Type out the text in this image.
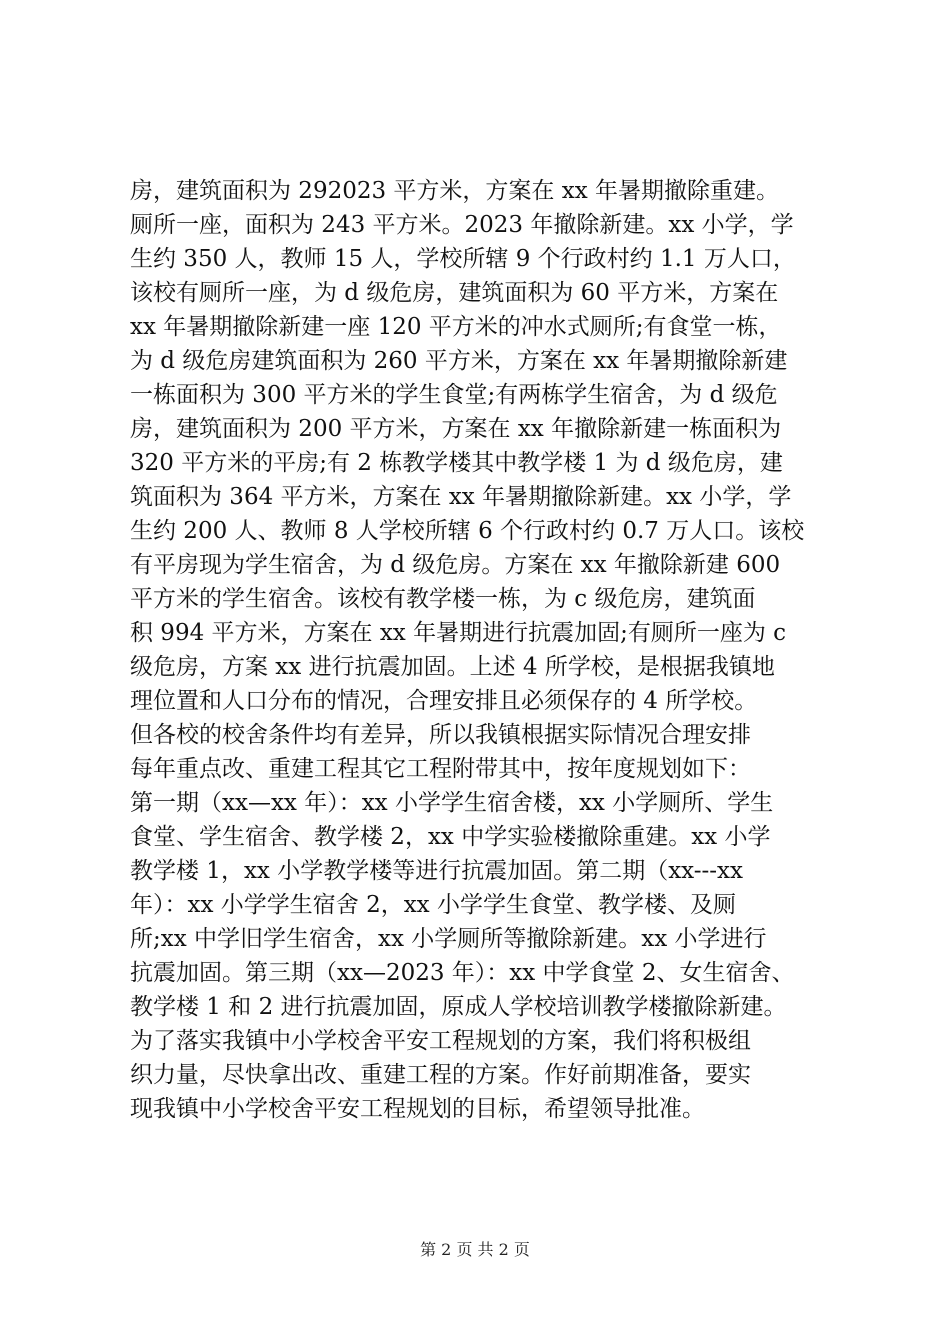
房，建筑面积为 292023 平方米，方案在 xx 年暑期撤除重建。
厕所一座，面积为 243 平方米。2023 年撤除新建。xx 小学，学
生约 350 人，教师 15 人，学校所辖 9 个行政村约 1.1 万人口，
该校有厕所一座，为 d 级危房，建筑面积为 60 平方米，方案在
xx 年暑期撤除新建一座 120 平方米的冲水式厕所;有食堂一栋，
为 d 级危房建筑面积为 260 平方米，方案在 xx 年暑期撤除新建
一栋面积为 300 平方米的学生食堂;有两栋学生宿舍，为 d 级危
房，建筑面积为 200 平方米，方案在 xx 年撤除新建一栋面积为
320 平方米的平房;有 2 栋教学楼其中教学楼 1 为 d 级危房，建
筑面积为 364 平方米，方案在 xx 年暑期撤除新建。xx 小学，学
生约 200 人、教师 8 人学校所辖 6 个行政村约 0.7 万人口。该校
有平房现为学生宿舍，为 d 级危房。方案在 xx 年撤除新建 600
平方米的学生宿舍。该校有教学楼一栋，为 c 级危房，建筑面
积 994 平方米，方案在 xx 年暑期进行抗震加固;有厕所一座为 c
级危房，方案 xx 进行抗震加固。上述 4 所学校，是根据我镇地
理位置和人口分布的情况，合理安排且必须保存的 4 所学校。
但各校的校舍条件均有差异，所以我镇根据实际情况合理安排
每年重点改、重建工程其它工程附带其中，按年度规划如下：
第一期（xx—xx 年）：xx 小学学生宿舍楼，xx 小学厕所、学生
食堂、学生宿舍、教学楼 2，xx 中学实验楼撤除重建。xx 小学
教学楼 1，xx 小学教学楼等进行抗震加固。第二期（xx---xx
年）：xx 小学学生宿舍 2，xx 小学学生食堂、教学楼、及厕
所;xx 中学旧学生宿舍，xx 小学厕所等撤除新建。xx 小学进行
抗震加固。第三期（xx—2023 年）：xx 中学食堂 2、女生宿舍、
教学楼 1 和 2 进行抗震加固，原成人学校培训教学楼撤除新建。
为了落实我镇中小学校舍平安工程规划的方案，我们将积极组
织力量，尽快拿出改、重建工程的方案。作好前期准备，要实
现我镇中小学校舍平安工程规划的目标，希望领导批准。
第 2 页 共 2 页
